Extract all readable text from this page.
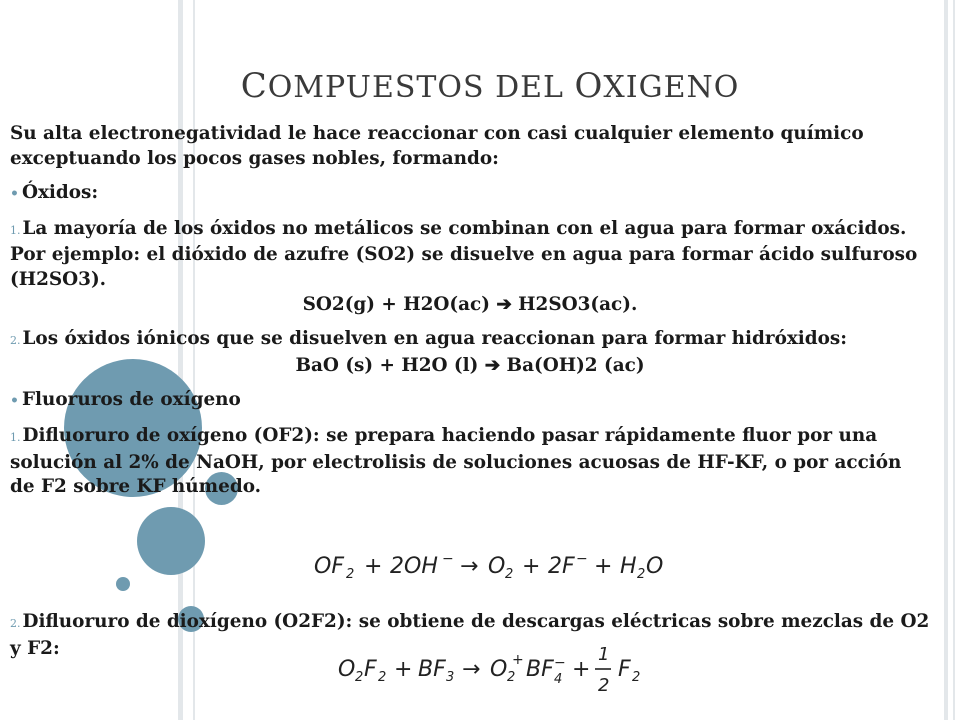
COMPUESTOS DEL OXIGENO

Su alta electronegatividad le hace reaccionar con casi cualquier elemento químico exceptuando los pocos gases nobles, formando:

• Óxidos:

1. La mayoría de los óxidos no metálicos se combinan con el agua para formar oxácidos. Por ejemplo: el dióxido de azufre (SO2) se disuelve en agua para formar ácido sulfuroso (H2SO3).

SO2(g) + H2O(ac) ➔ H2SO3(ac).

2. Los óxidos iónicos que se disuelven en agua reaccionan para formar hidróxidos:

BaO (s) + H2O (l) ➔ Ba(OH)2 (ac)

• Fluoruros de oxígeno

1. Difluoruro de oxígeno (OF2): se prepara haciendo pasar rápidamente fluor por una solución al 2% de NaOH, por electrolisis de soluciones acuosas de HF-KF, o por acción de F2 sobre KF húmedo.

OF 2 + 2OH − → O 2 + 2F − + H 2 O

2. Difluoruro de dioxígeno (O2F2): se obtiene de descargas eléctricas sobre mezclas de O2 y F2:

O 2 F 2 + BF 3 → O 2
+ BF −
4 +
1
2
F 2
